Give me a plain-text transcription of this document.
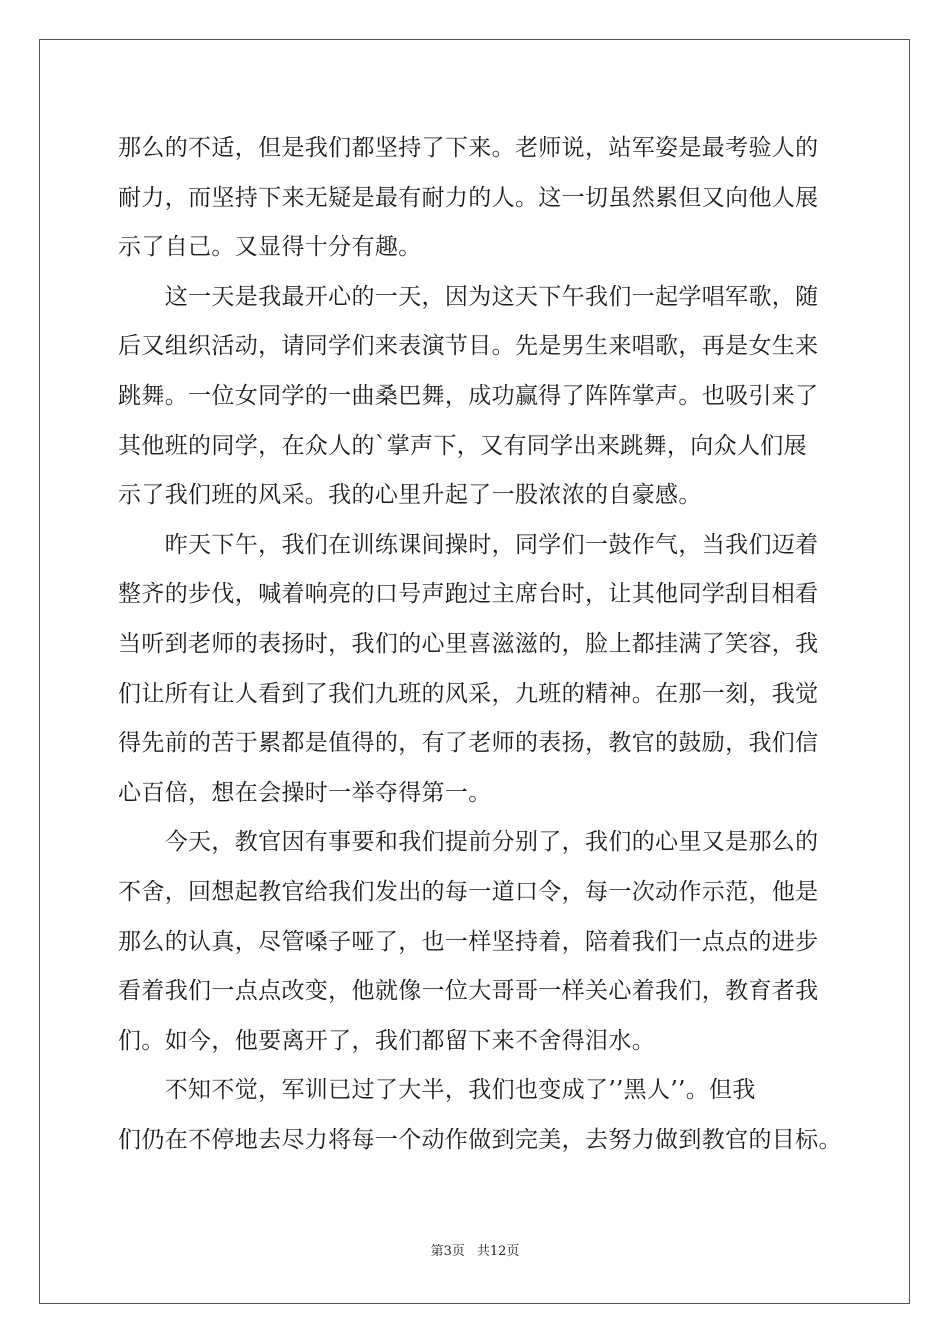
那么的不适，但是我们都坚持了下来。老师说，站军姿是最考验人的
耐力，而坚持下来无疑是最有耐力的人。这一切虽然累但又向他人展
示了自己。又显得十分有趣。
　　这一天是我最开心的一天，因为这天下午我们一起学唱军歌，随
后又组织活动，请同学们来表演节目。先是男生来唱歌，再是女生来
跳舞。一位女同学的一曲桑巴舞，成功赢得了阵阵掌声。也吸引来了
其他班的同学，在众人的`掌声下，又有同学出来跳舞，向众人们展
示了我们班的风采。我的心里升起了一股浓浓的自豪感。
　　昨天下午，我们在训练课间操时，同学们一鼓作气，当我们迈着
整齐的步伐，喊着响亮的口号声跑过主席台时，让其他同学刮目相看
当听到老师的表扬时，我们的心里喜滋滋的，脸上都挂满了笑容，我
们让所有让人看到了我们九班的风采，九班的精神。在那一刻，我觉
得先前的苦于累都是值得的，有了老师的表扬，教官的鼓励，我们信
心百倍，想在会操时一举夺得第一。
　　今天，教官因有事要和我们提前分别了，我们的心里又是那么的
不舍，回想起教官给我们发出的每一道口令，每一次动作示范，他是
那么的认真，尽管嗓子哑了，也一样坚持着，陪着我们一点点的进步
看着我们一点点改变，他就像一位大哥哥一样关心着我们，教育者我
们。如今，他要离开了，我们都留下来不舍得泪水。
　　不知不觉，军训已过了大半，我们也变成了’’黑人’’。但我
们仍在不停地去尽力将每一个动作做到完美，去努力做到教官的目标。
第3页 共12页
